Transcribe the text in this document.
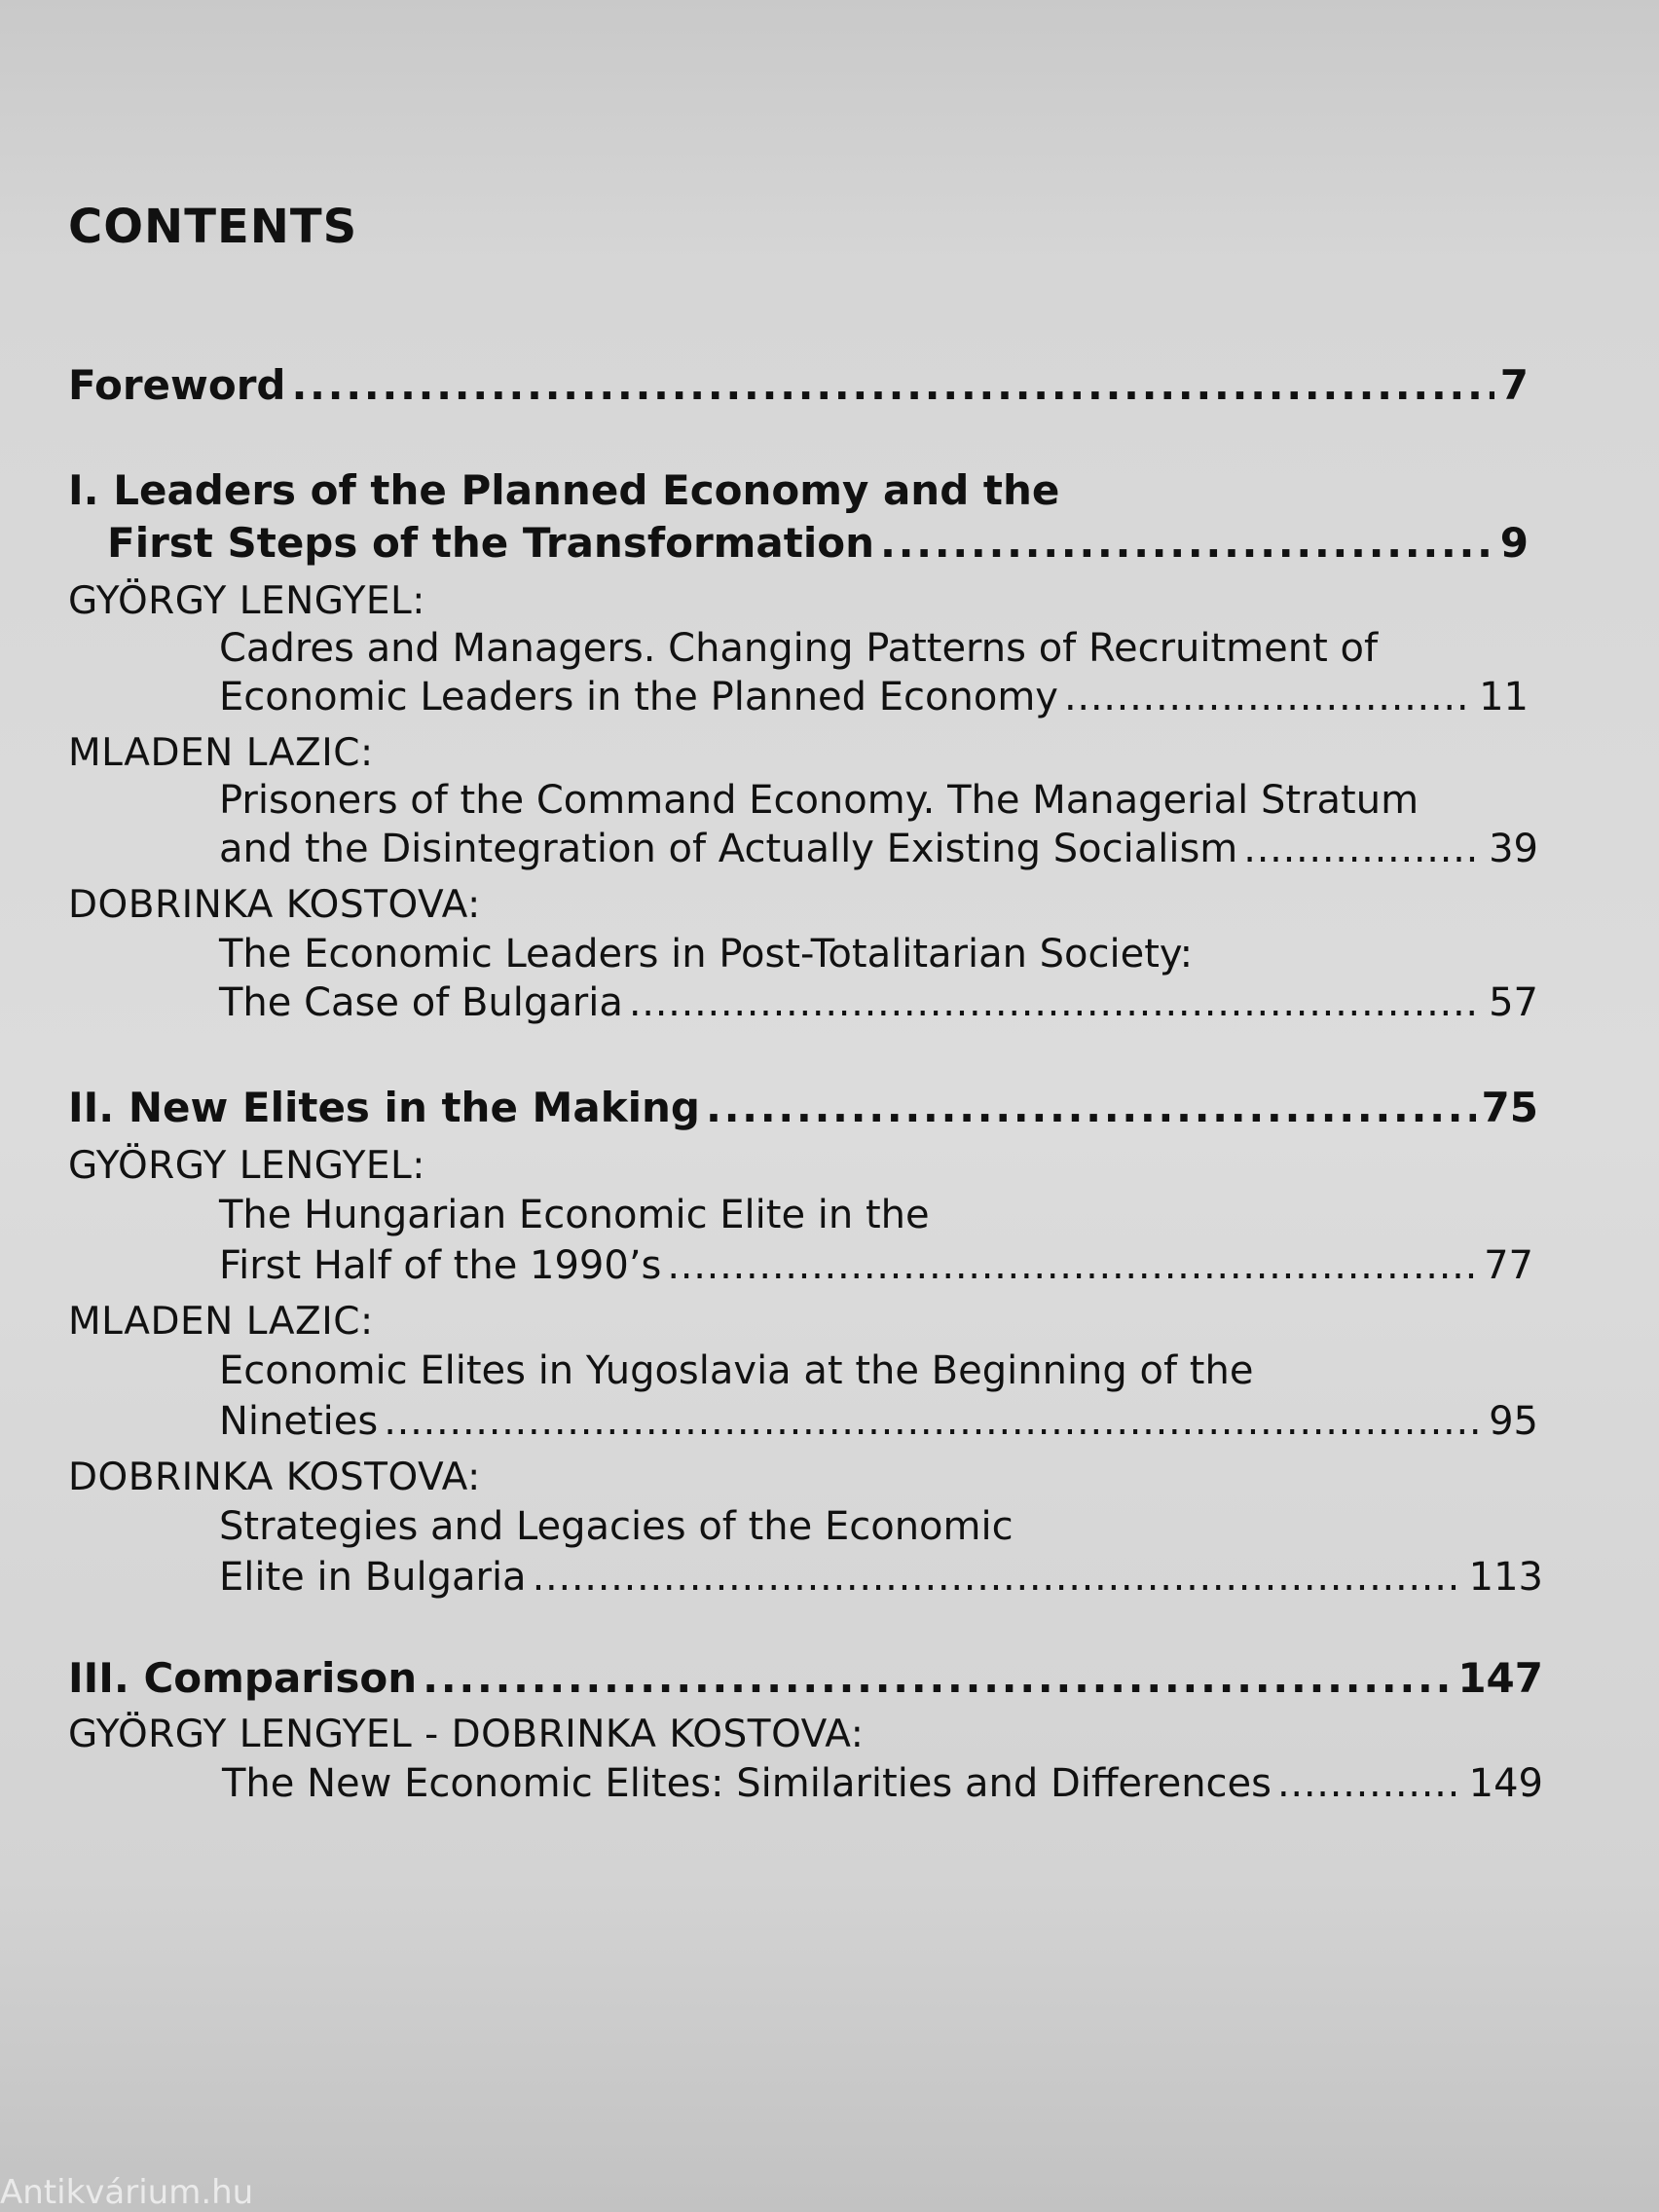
CONTENTS
Foreword . . .	7
I. Leaders of the Planned Economy and the
First Steps of the Transformation . . .	9
GYÖRGY LENGYEL:
Cadres and Managers. Changing Patterns of Recruitment of
Economic Leaders in the Planned Economy . . .	11
MLADEN LAZIC:
Prisoners of the Command Economy. The Managerial Stratum
and the Disintegration of Actually Existing Socialism . . .	39
DOBRINKA KOSTOVA:
The Economic Leaders in Post-Totalitarian Society:
The Case of Bulgaria . . .	57
II. New Elites in the Making . . .	75
GYÖRGY LENGYEL:
The Hungarian Economic Elite in the
First Half of the 1990’s . . .	77
MLADEN LAZIC:
Economic Elites in Yugoslavia at the Beginning of the
Nineties . . .	95
DOBRINKA KOSTOVA:
Strategies and Legacies of the Economic
Elite in Bulgaria . . .	113
III. Comparison . . .	147
GYÖRGY LENGYEL - DOBRINKA KOSTOVA:
The New Economic Elites: Similarities and Differences . . .	149
Antikvárium.hu
